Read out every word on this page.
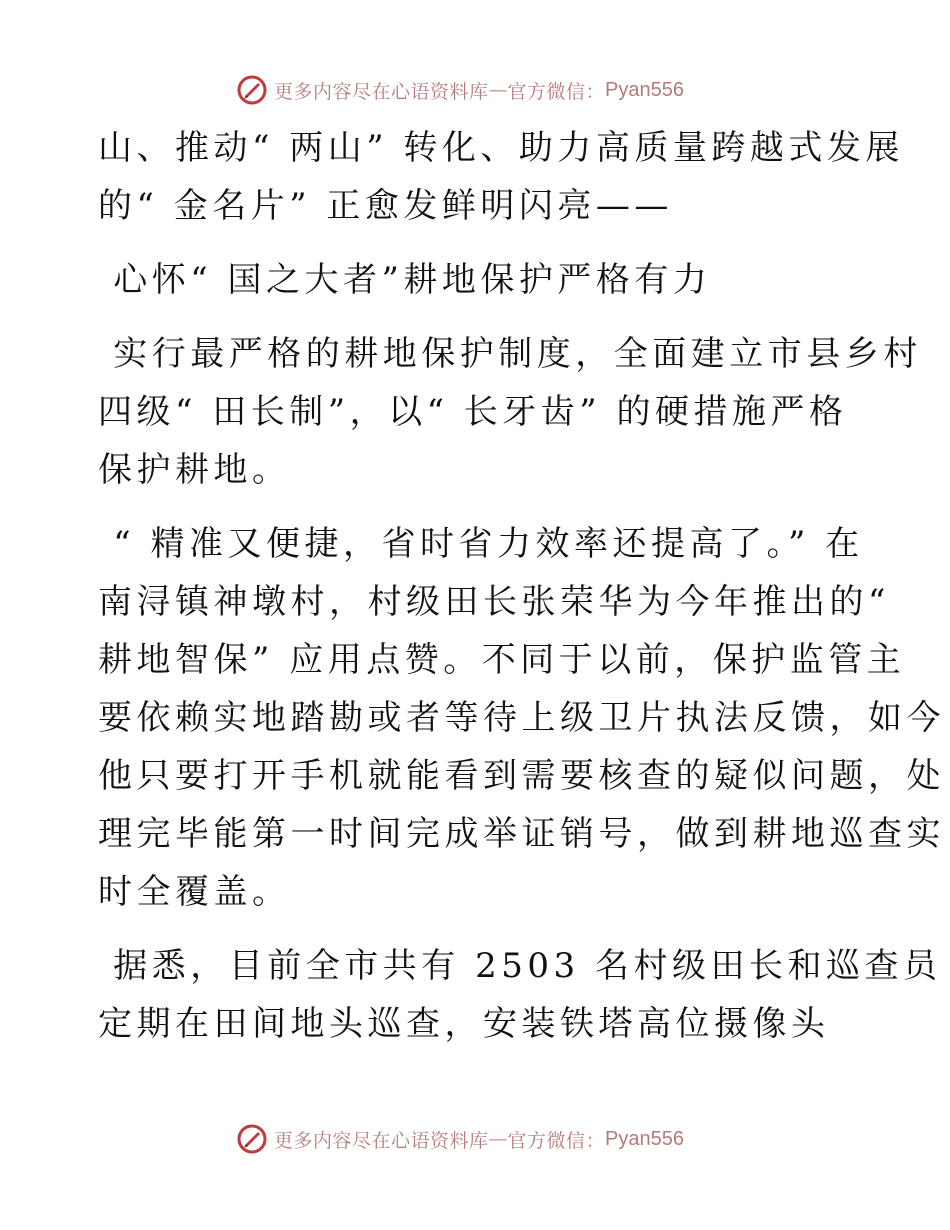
更多内容尽在心语资料库 — 官方微信： Pyan556
山、推动“ 两山” 转化、助力高质量跨越式发展
的“ 金名片” 正愈发鲜明闪亮——
心怀“ 国之大者”耕地保护严格有力
实行最严格的耕地保护制度，全面建立市县乡村
四级“ 田长制”，以“ 长牙齿” 的硬措施严格
保护耕地。
“ 精准又便捷，省时省力效率还提高了。” 在
南浔镇神墩村，村级田长张荣华为今年推出的“
耕地智保” 应用点赞。不同于以前，保护监管主
要依赖实地踏勘或者等待上级卫片执法反馈，如今
他只要打开手机就能看到需要核查的疑似问题，处
理完毕能第一时间完成举证销号，做到耕地巡查实
时全覆盖。
据悉，目前全市共有 2503 名村级田长和巡查员
定期在田间地头巡查，安装铁塔高位摄像头
更多内容尽在心语资料库 — 官方微信： Pyan556
